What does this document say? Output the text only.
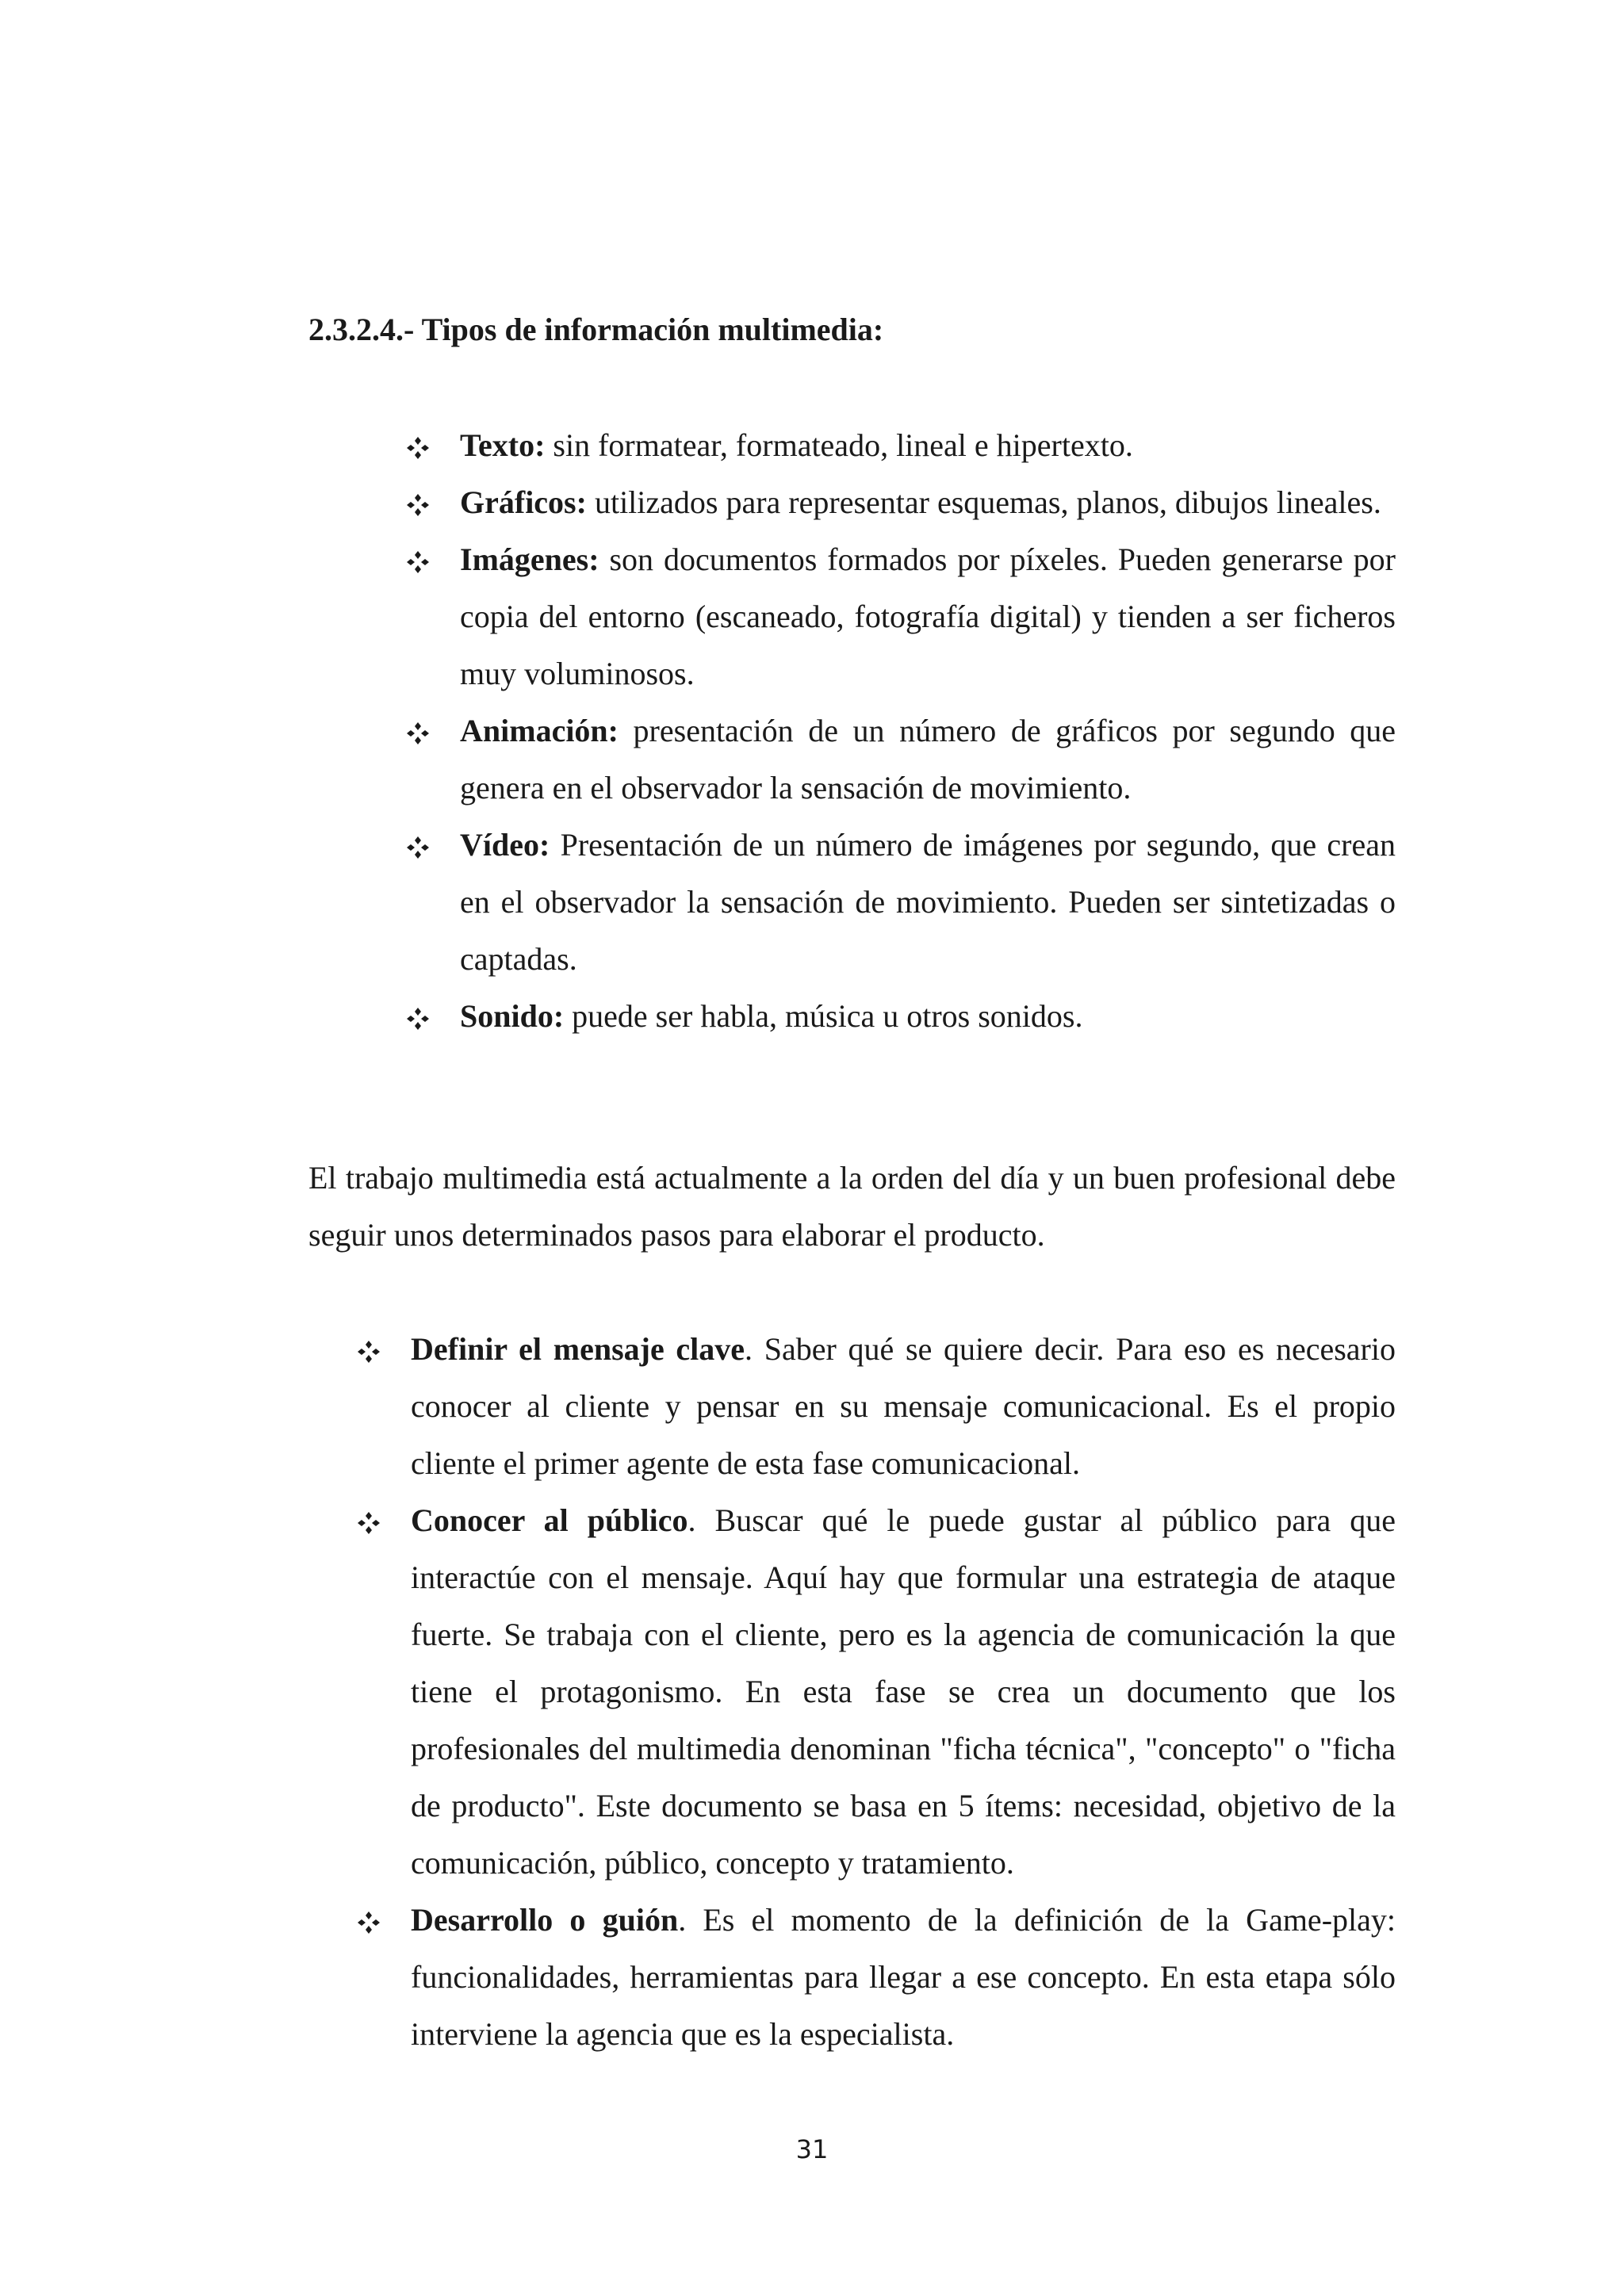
2.3.2.4.- Tipos de información multimedia:
Texto: sin formatear, formateado, lineal e hipertexto.
Gráficos: utilizados para representar esquemas, planos, dibujos lineales.
Imágenes: son documentos formados por píxeles. Pueden generarse por copia del entorno (escaneado, fotografía digital) y tienden a ser ficheros muy voluminosos.
Animación: presentación de un número de gráficos por segundo que genera en el observador la sensación de movimiento.
Vídeo: Presentación de un número de imágenes por segundo, que crean en el observador la sensación de movimiento. Pueden ser sintetizadas o captadas.
Sonido: puede ser habla, música u otros sonidos.

El trabajo multimedia está actualmente a la orden del día y un buen profesional debe seguir unos determinados pasos para elaborar el producto.

Definir el mensaje clave. Saber qué se quiere decir. Para eso es necesario conocer al cliente y pensar en su mensaje comunicacional. Es el propio cliente el primer agente de esta fase comunicacional.
Conocer al público. Buscar qué le puede gustar al público para que interactúe con el mensaje. Aquí hay que formular una estrategia de ataque fuerte. Se trabaja con el cliente, pero es la agencia de comunicación la que tiene el protagonismo. En esta fase se crea un documento que los profesionales del multimedia denominan "ficha técnica", "concepto" o "ficha de producto". Este documento se basa en 5 ítems: necesidad, objetivo de la comunicación, público, concepto y tratamiento.
Desarrollo o guión. Es el momento de la definición de la Game-play: funcionalidades, herramientas para llegar a ese concepto. En esta etapa sólo interviene la agencia que es la especialista.
31
